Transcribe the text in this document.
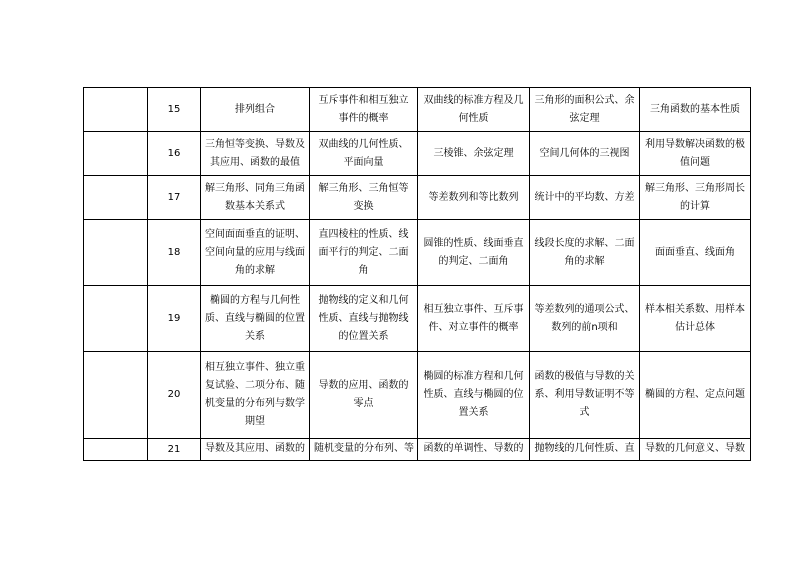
	15	排列组合	互斥事件和相互独立事件的概率	双曲线的标准方程及几何性质	三角形的面积公式、余弦定理	三角函数的基本性质
	16	三角恒等变换、导数及其应用、函数的最值	双曲线的几何性质、平面向量	三棱锥、余弦定理	空间几何体的三视图	利用导数解决函数的极值问题
	17	解三角形、同角三角函数基本关系式	解三角形、三角恒等变换	等差数列和等比数列	统计中的平均数、方差	解三角形、三角形周长的计算
	18	空间面面垂直的证明、空间向量的应用与线面角的求解	直四棱柱的性质、线面平行的判定、二面角	圆锥的性质、线面垂直的判定、二面角	线段长度的求解、二面角的求解	面面垂直、线面角
	19	椭圆的方程与几何性质、直线与椭圆的位置关系	抛物线的定义和几何性质、直线与抛物线的位置关系	相互独立事件、互斥事件、对立事件的概率	等差数列的通项公式、数列的前n项和	样本相关系数、用样本估计总体
	20	相互独立事件、独立重复试验、二项分布、随机变量的分布列与数学期望	导数的应用、函数的零点	椭圆的标准方程和几何性质、直线与椭圆的位置关系	函数的极值与导数的关系、利用导数证明不等式	椭圆的方程、定点问题
	21	导数及其应用、函数的	随机变量的分布列、等	函数的单调性、导数的	抛物线的几何性质、直	导数的几何意义、导数
